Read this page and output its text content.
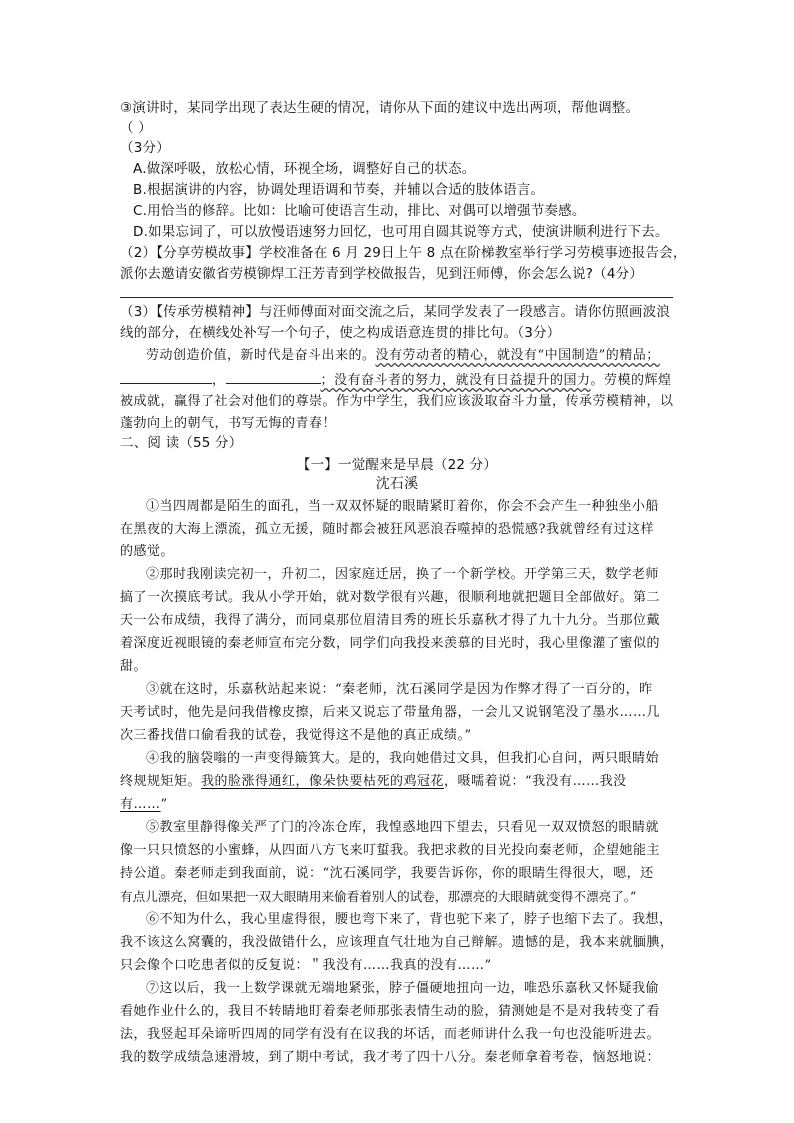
③演讲时，某同学出现了表达生硬的情况，请你从下面的建议中选出两项，帮他调整。
（ ）
（3分）
A.做深呼吸，放松心情，环视全场，调整好自己的状态。
B.根据演讲的内容，协调处理语调和节奏，并辅以合适的肢体语言。
C.用恰当的修辞。比如：比喻可使语言生动，排比、对偶可以增强节奏感。
D.如果忘词了，可以放慢语速努力回忆，也可用自圆其说等方式，使演讲顺利进行下去。
（2）【分享劳模故事】学校准备在 6 月 29日上午 8 点在阶梯教室举行学习劳模事迹报告会，
派你去邀请安徽省劳模铆焊工汪芳青到学校做报告，见到汪师傅，你会怎么说?（4分）
（3）【传承劳模精神】与汪师傅面对面交流之后，某同学发表了一段感言。请你仿照画波浪
线的部分，在横线处补写一个句子，使之构成语意连贯的排比句。（3分）
劳动创造价值，新时代是奋斗出来的。没有劳动者的精心，就没有“中国制造”的精品；
，	；没有奋斗者的努力，就没有日益提升的国力。劳模的辉煌
被成就，赢得了社会对他们的尊崇。作为中学生，我们应该汲取奋斗力量，传承劳模精神，以
蓬勃向上的朝气，书写无悔的青春！
二、阅 读（55 分）
【一】一觉醒来是早晨（22 分）
沈石溪
①当四周都是陌生的面孔，当一双双怀疑的眼睛紧盯着你，你会不会产生一种独坐小船
在黑夜的大海上漂流，孤立无援，随时都会被狂风恶浪吞噬掉的恐慌感?我就曾经有过这样
的感觉。
②那时我刚读完初一，升初二，因家庭迁居，换了一个新学校。开学第三天，数学老师
搞了一次摸底考试。我从小学开始，就对数学很有兴趣，很顺利地就把题目全部做好。第二
天一公布成绩，我得了满分，而同桌那位眉清目秀的班长乐嘉秋才得了九十九分。当那位戴
着深度近视眼镜的秦老师宣布完分数，同学们向我投来羡慕的目光时，我心里像灌了蜜似的
甜。
③就在这时，乐嘉秋站起来说：“秦老师，沈石溪同学是因为作弊才得了一百分的，昨
天考试时，他先是问我借橡皮擦，后来又说忘了带量角器，一会儿又说钢笔没了墨水……几
次三番找借口偷看我的试卷，我觉得这不是他的真正成绩。”
④我的脑袋嗡的一声变得簸箕大。是的，我向她借过文具，但我扪心自问，两只眼睛始
终规规矩矩。我的脸涨得通红，像朵快要枯死的鸡冠花，嗫嚅着说：“我没有……我没
有……”
⑤教室里静得像关严了门的冷冻仓库，我惶惑地四下望去，只看见一双双愤怒的眼睛就
像一只只愤怒的小蜜蜂，从四面八方飞来叮蜇我。我把求救的目光投向秦老师，企望她能主
持公道。秦老师走到我面前，说：“沈石溪同学，我要告诉你，你的眼睛生得很大，嗯，还
有点儿漂亮，但如果把一双大眼睛用来偷看着别人的试卷，那漂亮的大眼睛就变得不漂亮了。”
⑥不知为什么，我心里虚得很，腰也弯下来了，背也驼下来了，脖子也缩下去了。我想，
我不该这么窝囊的，我没做错什么，应该理直气壮地为自己辩解。遗憾的是，我本来就腼腆，
只会像个口吃患者似的反复说：＂我没有……我真的没有……”
⑦这以后，我一上数学课就无端地紧张，脖子僵硬地扭向一边，唯恐乐嘉秋又怀疑我偷
看她作业什么的，我目不转睛地盯着秦老师那张表情生动的脸，猜测她是不是对我转变了看
法，我竖起耳朵谛听四周的同学有没有在议我的坏话，而老师讲什么我一句也没能听进去。
我的数学成绩急速滑坡，到了期中考试，我才考了四十八分。秦老师拿着考卷，恼怒地说：
